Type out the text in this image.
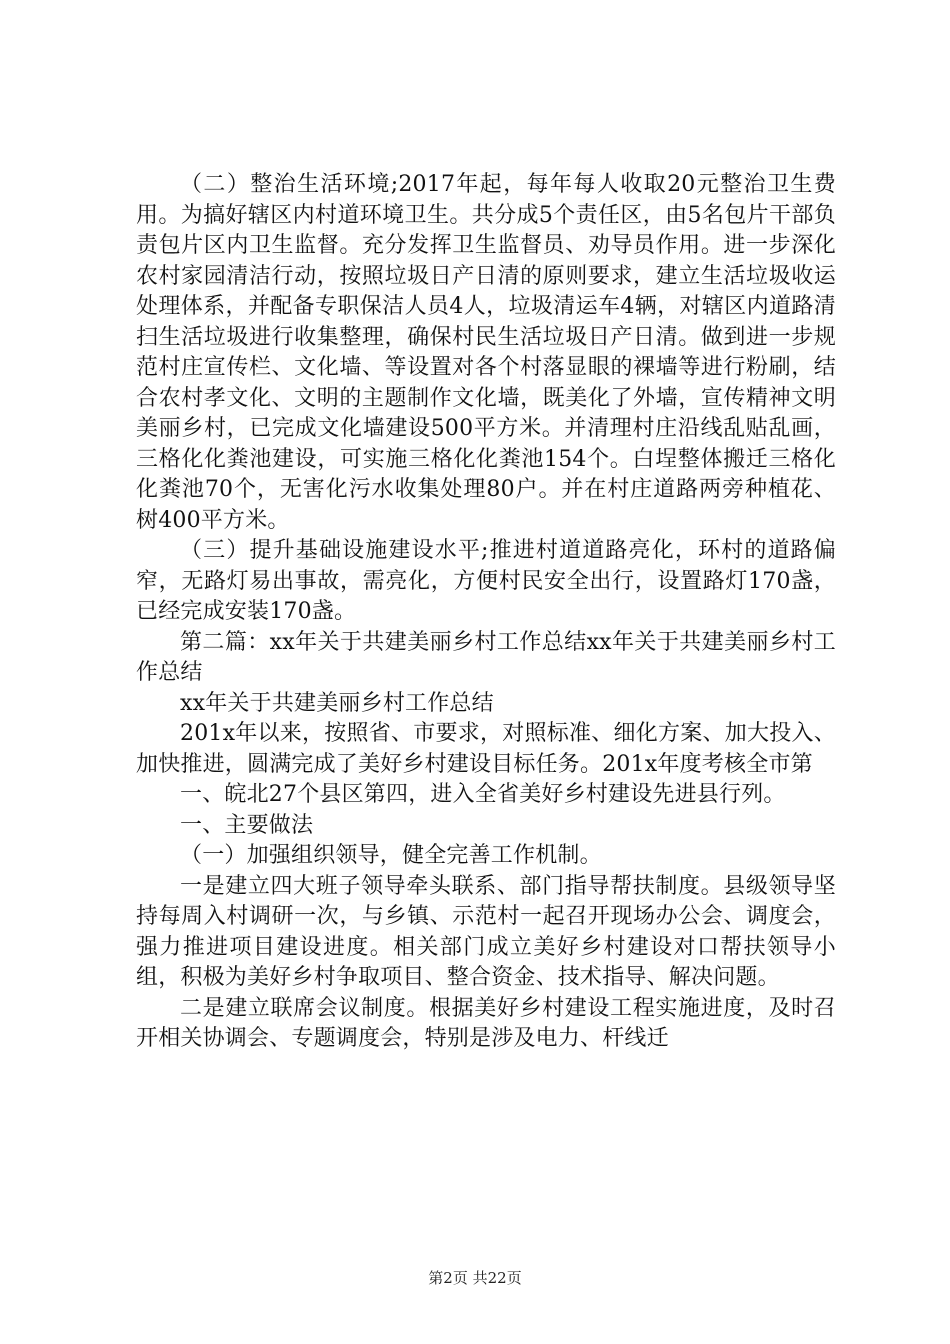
（二）整治生活环境;2017年起，每年每人收取20元整治卫生费用。为搞好辖区内村道环境卫生。共分成5个责任区，由5名包片干部负责包片区内卫生监督。充分发挥卫生监督员、劝导员作用。进一步深化农村家园清洁行动，按照垃圾日产日清的原则要求，建立生活垃圾收运处理体系，并配备专职保洁人员4人，垃圾清运车4辆，对辖区内道路清扫生活垃圾进行收集整理，确保村民生活垃圾日产日清。做到进一步规范村庄宣传栏、文化墙、等设置对各个村落显眼的裸墙等进行粉刷，结合农村孝文化、文明的主题制作文化墙，既美化了外墙，宣传精神文明美丽乡村，已完成文化墙建设500平方米。并清理村庄沿线乱贴乱画，三格化化粪池建设，可实施三格化化粪池154个。白埕整体搬迁三格化化粪池70个，无害化污水收集处理80户。并在村庄道路两旁种植花、树400平方米。

（三）提升基础设施建设水平;推进村道道路亮化，环村的道路偏窄，无路灯易出事故，需亮化，方便村民安全出行，设置路灯170盏，已经完成安装170盏。

第二篇：xx年关于共建美丽乡村工作总结xx年关于共建美丽乡村工作总结

xx年关于共建美丽乡村工作总结

201x年以来，按照省、市要求，对照标准、细化方案、加大投入、加快推进，圆满完成了美好乡村建设目标任务。201x年度考核全市第

一、皖北27个县区第四，进入全省美好乡村建设先进县行列。

一、主要做法

（一）加强组织领导，健全完善工作机制。

一是建立四大班子领导牵头联系、部门指导帮扶制度。县级领导坚持每周入村调研一次，与乡镇、示范村一起召开现场办公会、调度会，强力推进项目建设进度。相关部门成立美好乡村建设对口帮扶领导小组，积极为美好乡村争取项目、整合资金、技术指导、解决问题。

二是建立联席会议制度。根据美好乡村建设工程实施进度，及时召开相关协调会、专题调度会，特别是涉及电力、杆线迁

第2页 共22页
